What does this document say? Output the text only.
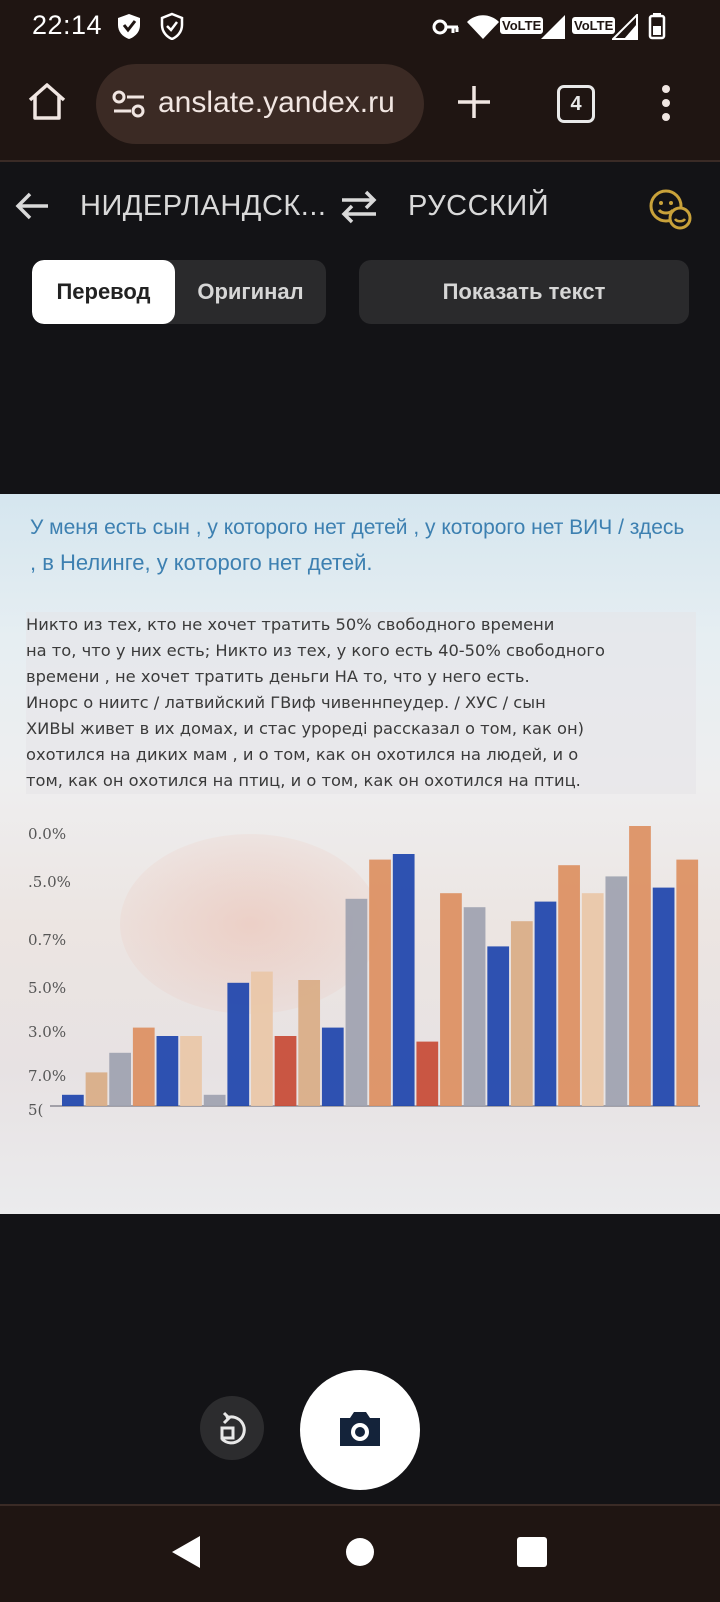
22:14	VoLTE	VoLTE
anslate.yandex.ru	4
НИДЕРЛАНДСК...	РУССКИЙ
Перевод	Оригинал	Показать текст
У меня есть сын , у которого нет детей , у которого нет ВИЧ / здесь
, в Нелинге, у которого нет детей.
Никто из тех, кто не хочет тратить 50% свободного времени
на то, что у них есть; Никто из тех, у кого есть 40-50% свободного
времени , не хочет тратить деньги НА то, что у него есть.
Инорс о ниитс / латвийский ГВиф чивеннпеудер. / ХУС / сын
ХИВЫ живет в их домах, и стас уроредi рассказал о том, как он)
охотился на диких мам , и о том, как он охотился на людей, и о
том, как он охотился на птиц, и о том, как он охотился на птиц.
0.0%
.5.0%
0.7%
5.0%
3.0%
7.0%
5(
